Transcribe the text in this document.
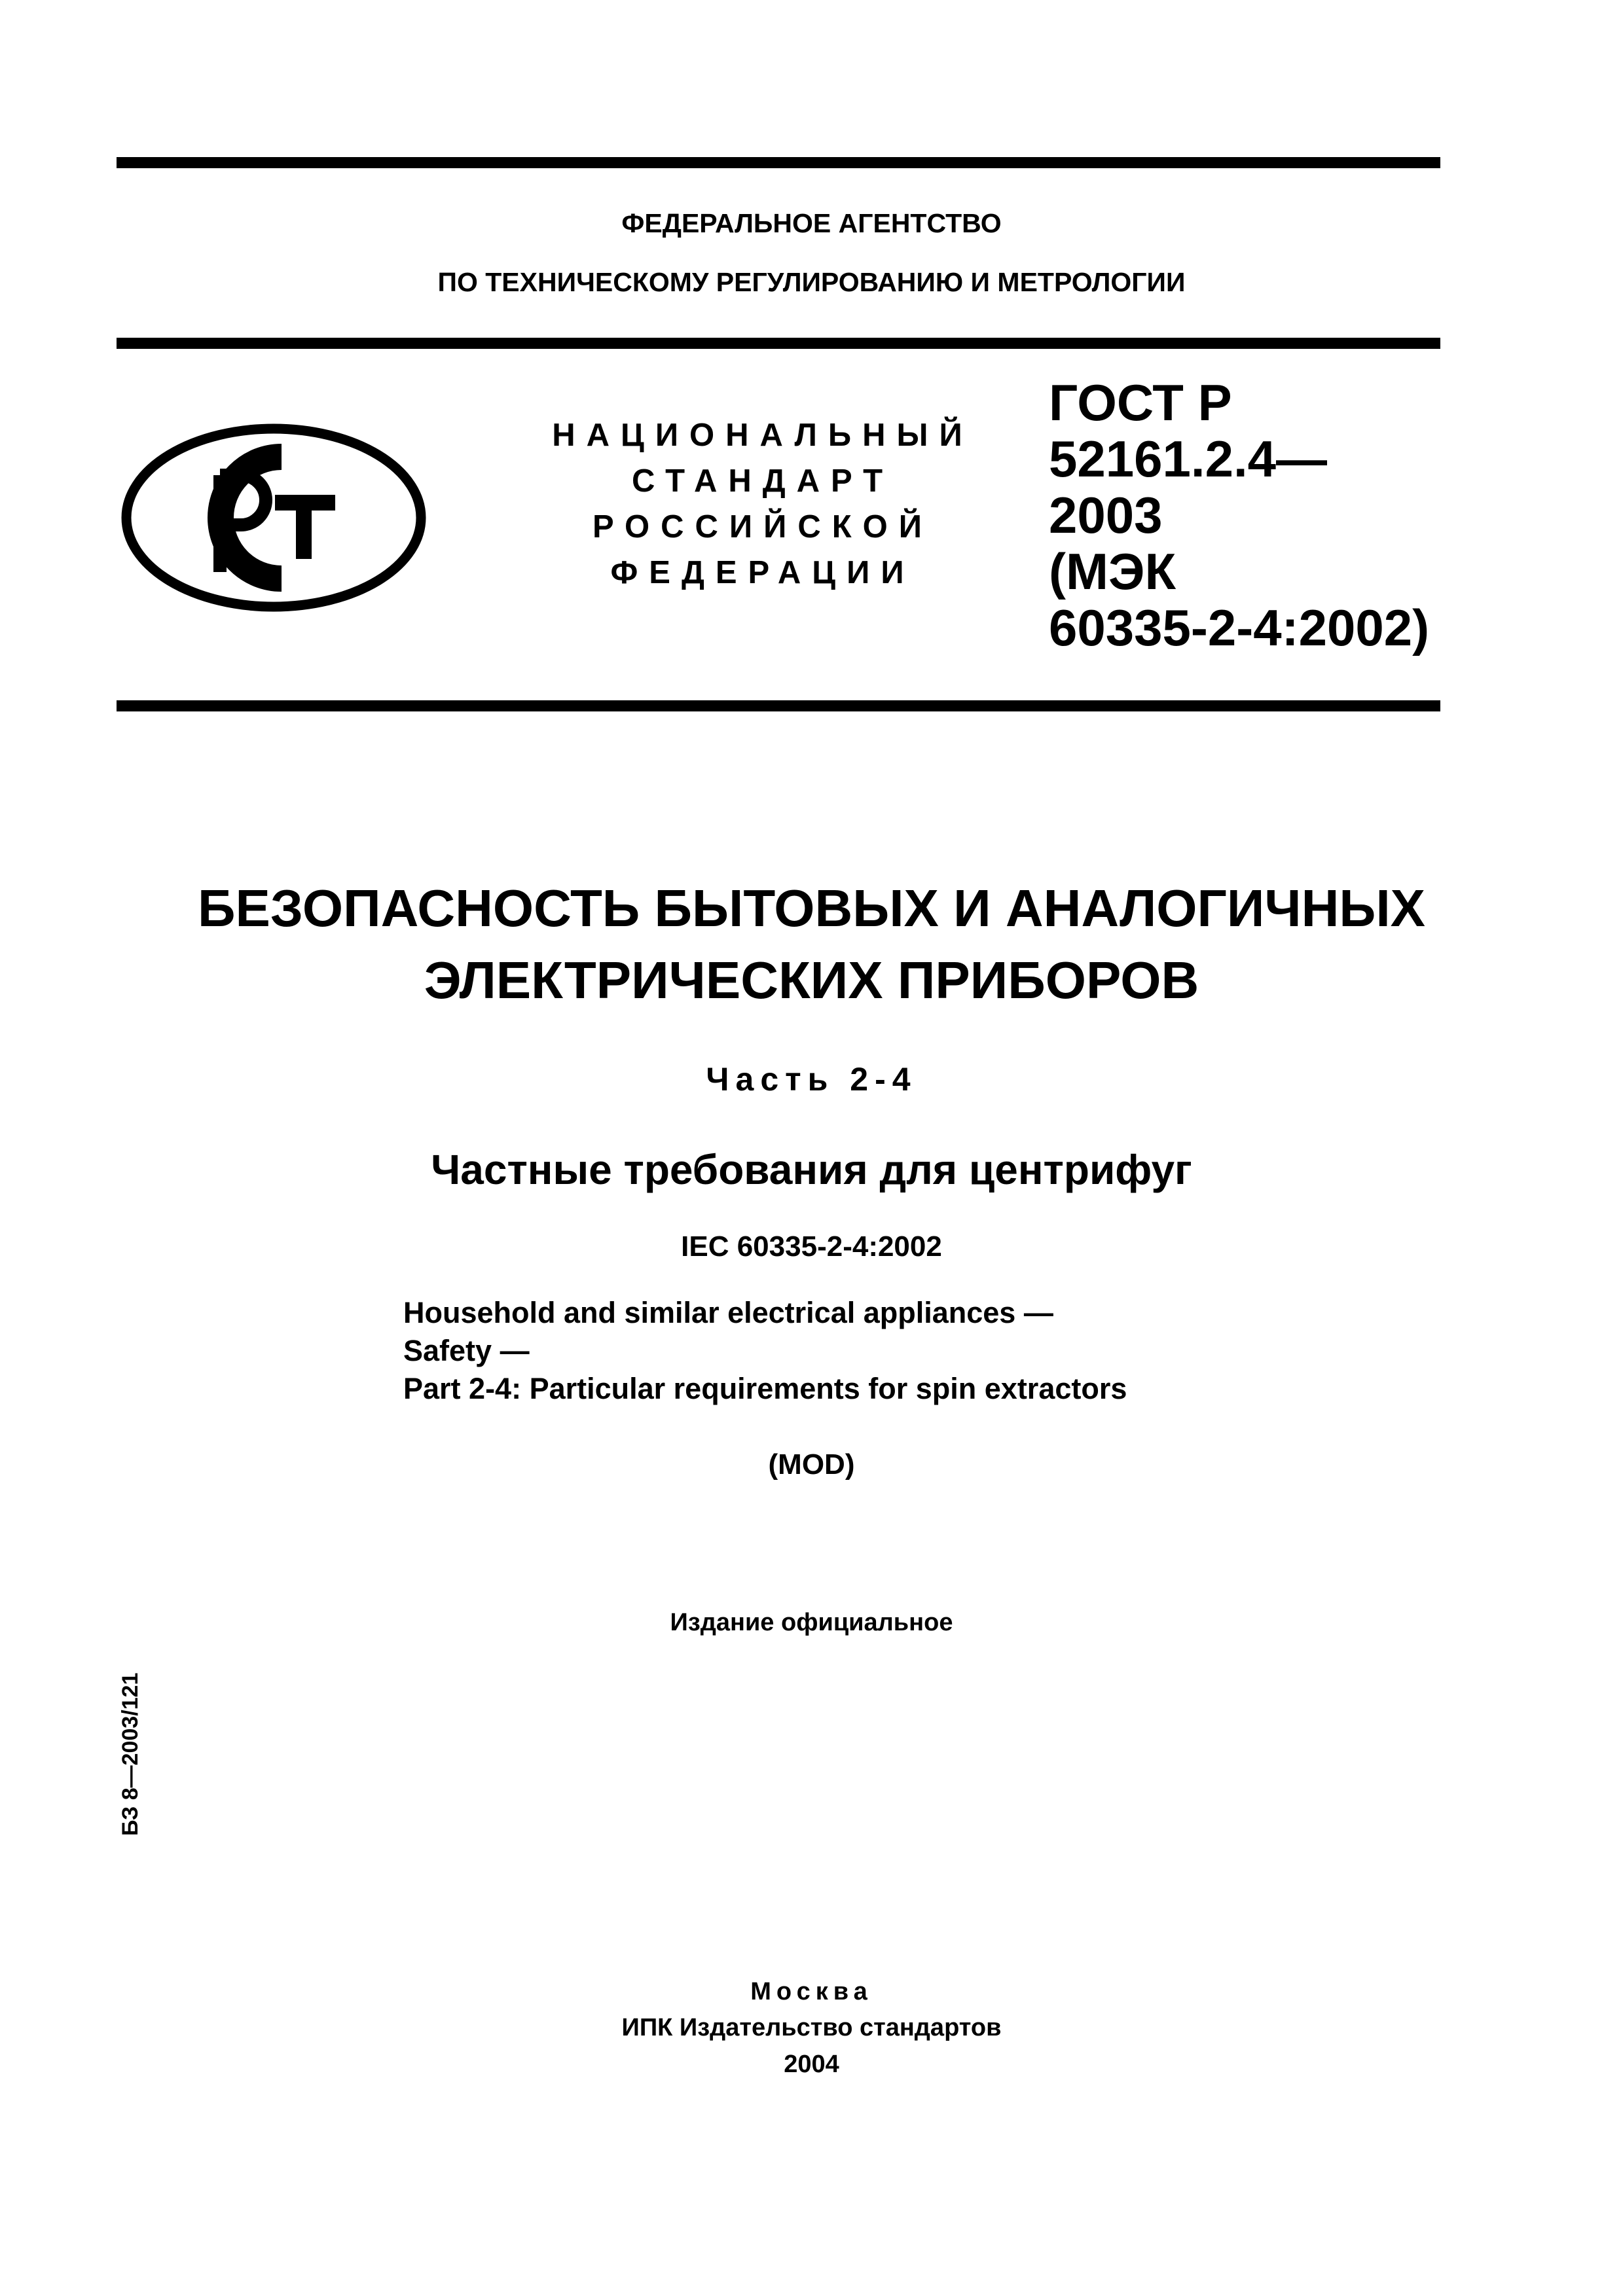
ФЕДЕРАЛЬНОЕ АГЕНТСТВО
ПО ТЕХНИЧЕСКОМУ РЕГУЛИРОВАНИЮ И МЕТРОЛОГИИ
НАЦИОНАЛЬНЫЙ
СТАНДАРТ
РОССИЙСКОЙ
ФЕДЕРАЦИИ
ГОСТ Р
52161.2.4—
2003
(МЭК
60335-2-4:2002)
БЕЗОПАСНОСТЬ БЫТОВЫХ И АНАЛОГИЧНЫХ
ЭЛЕКТРИЧЕСКИХ ПРИБОРОВ
Часть 2-4
Частные требования для центрифуг
IEC 60335-2-4:2002
Household and similar electrical appliances —
Safety —
Part 2-4: Particular requirements for spin extractors
(MOD)
Издание официальное
БЗ 8—2003/121
Москва
ИПК Издательство стандартов
2004
